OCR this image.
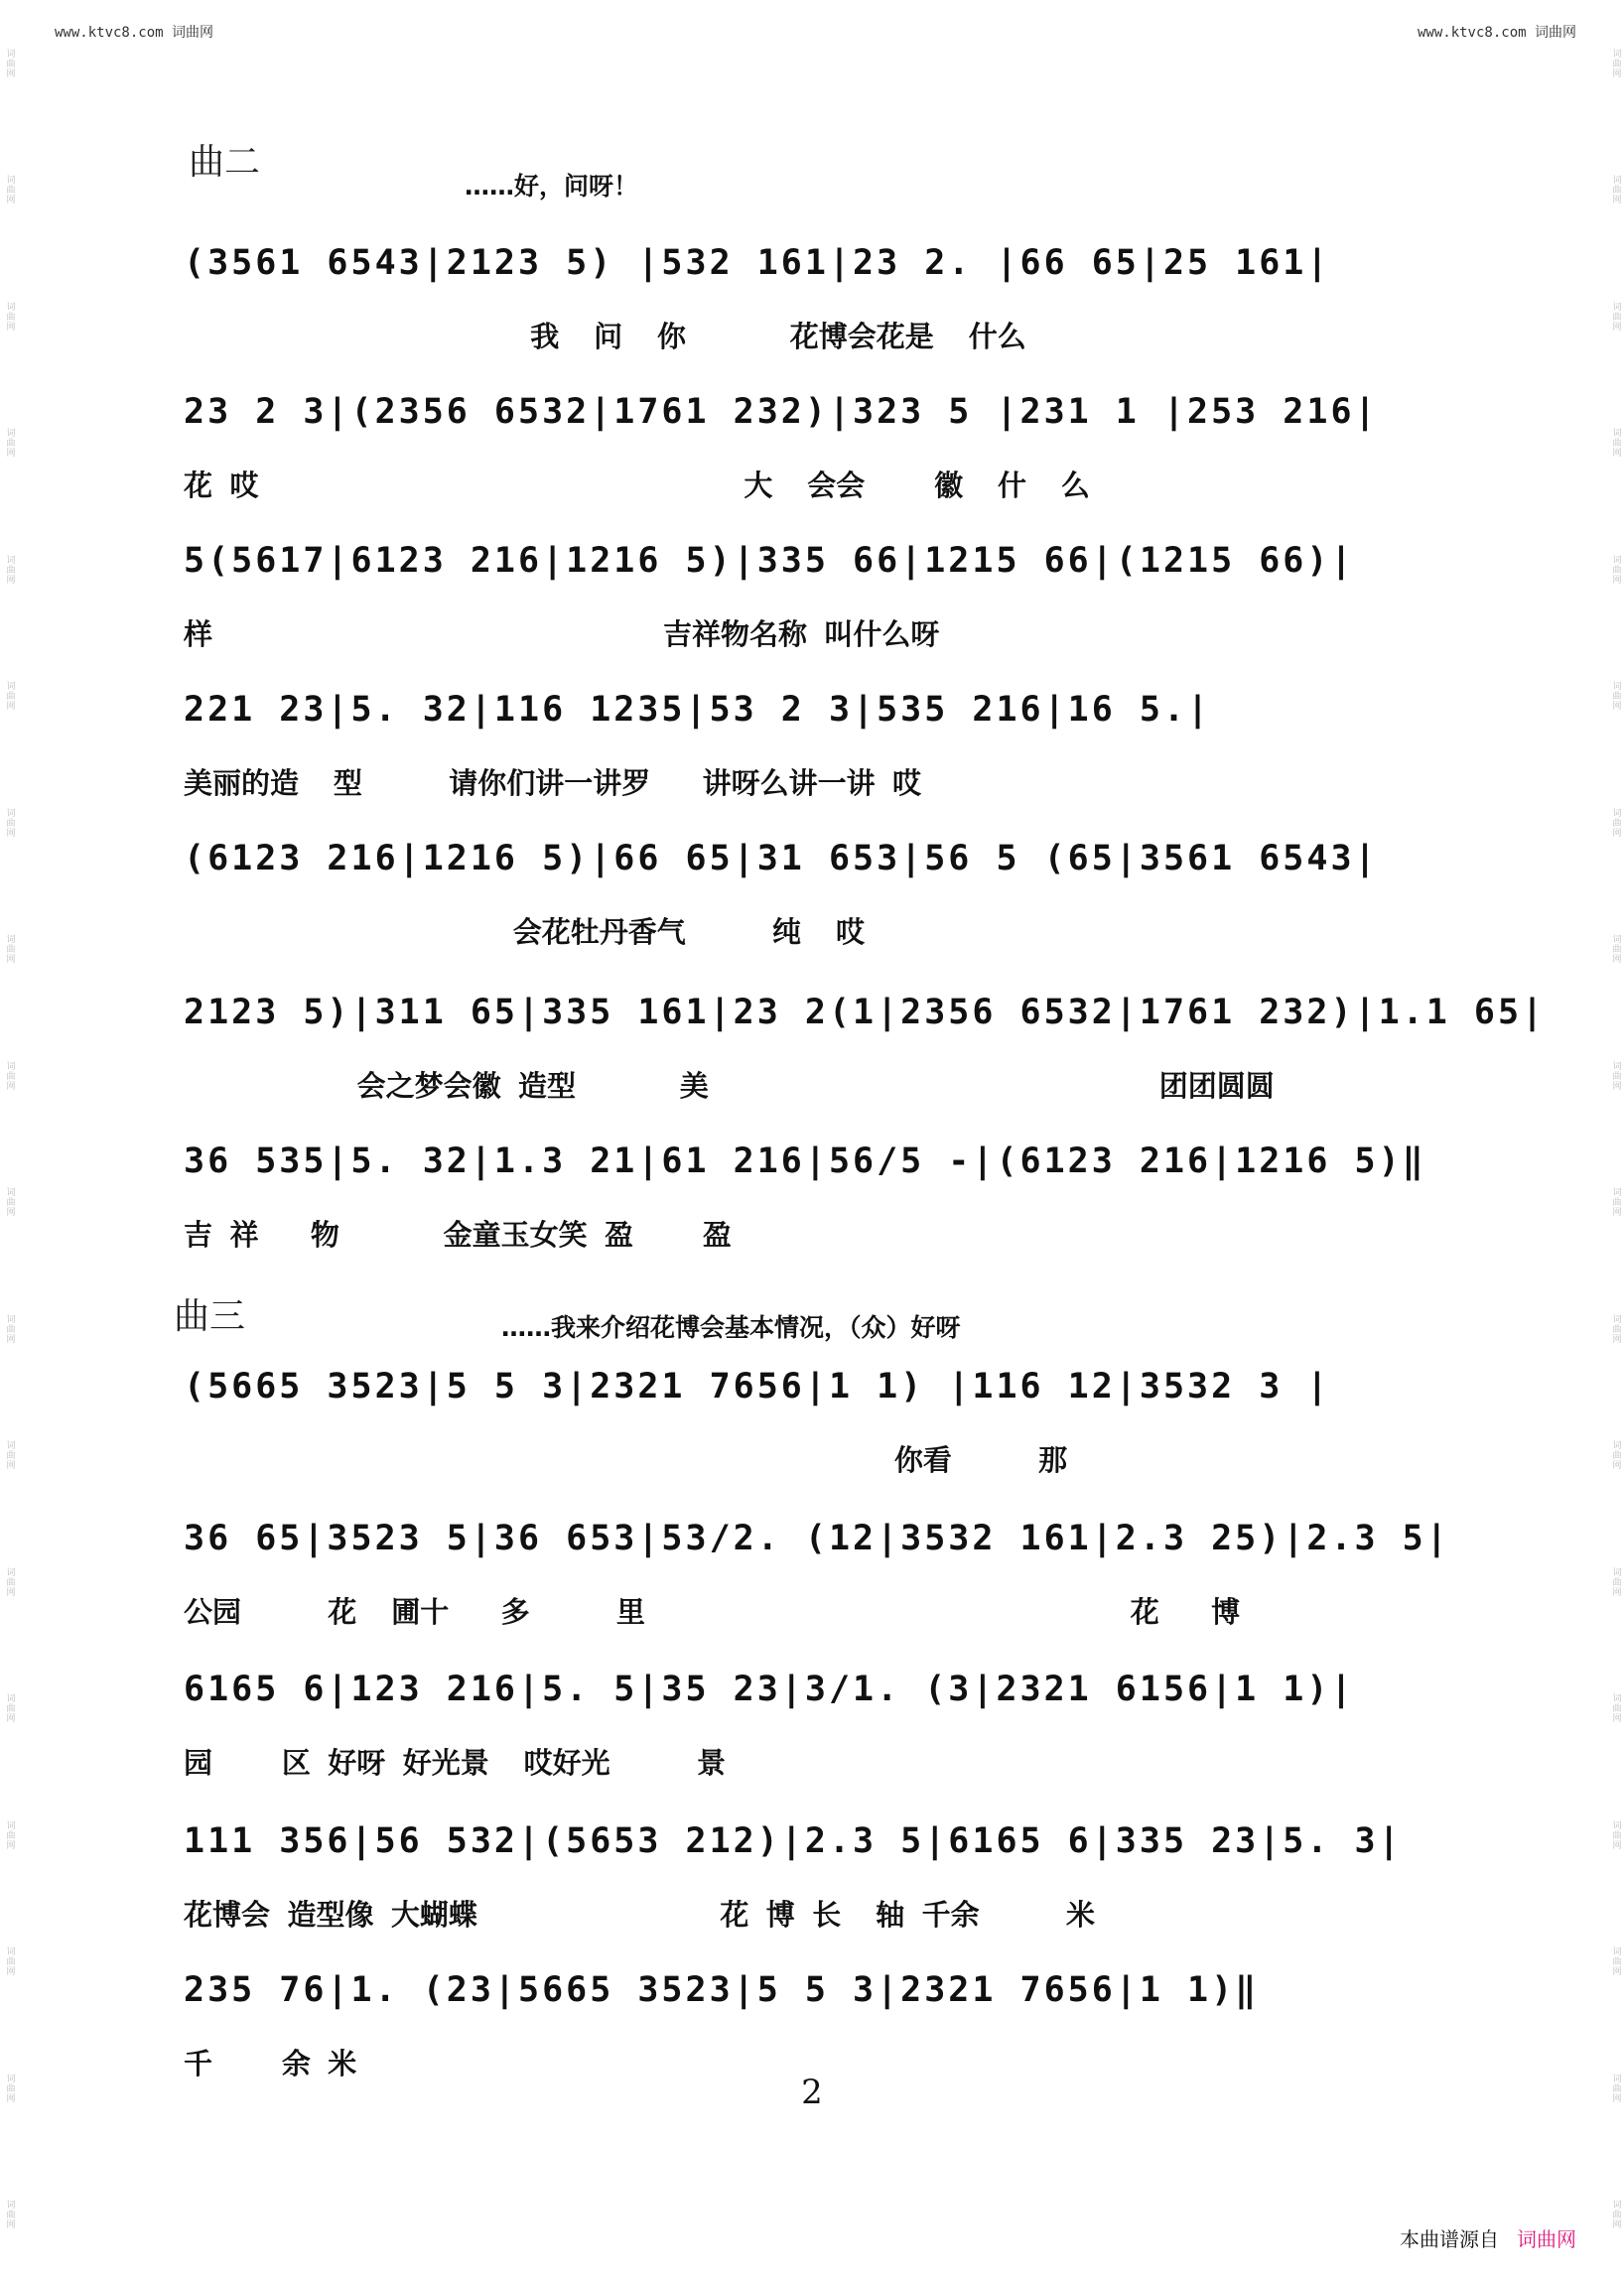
词曲网
词曲网
词曲网
词曲网
词曲网
词曲网
词曲网
词曲网
词曲网
词曲网
词曲网
词曲网
词曲网
词曲网
词曲网
词曲网
词曲网
词曲网
词曲网
词曲网
词曲网
词曲网
词曲网
词曲网
词曲网
词曲网
词曲网
词曲网
词曲网
词曲网
词曲网
词曲网
词曲网
词曲网
词曲网
词曲网
www.ktvc8.com 词曲网	www.ktvc8.com 词曲网
曲二
……好，问呀！
(3561 6543|2123 5) |532 161|23 2. |66 65|25 161|
我  问  你      花博会花是  什么
23 2 3|(2356 6532|1761 232)|323 5 |231 1 |253 216|
花 哎                            大  会会    徽  什  么
5(5617|6123 216|1216 5)|335 66|1215 66|(1215 66)|
样                          吉祥物名称 叫什么呀
221 23|5. 32|116 1235|53 2 3|535 216|16 5.|
美丽的造  型     请你们讲一讲罗   讲呀么讲一讲 哎
(6123 216|1216 5)|66 65|31 653|56 5 (65|3561 6543|
会花牡丹香气     纯  哎
2123 5)|311 65|335 161|23 2(1|2356 6532|1761 232)|1.1 65|
会之梦会徽 造型      美                          团团圆圆
36 535|5. 32|1.3 21|61 216|56/5 -|(6123 216|1216 5)‖
吉 祥   物      金童玉女笑 盈    盈
曲三	……我来介绍花博会基本情况，（众）好呀
(5665 3523|5 5 3|2321 7656|1 1) |116 12|3532 3 |
你看     那
36 65|3523 5|36 653|53/2. (12|3532 161|2.3 25)|2.3 5|
公园     花  圃十   多     里                            花   博
6165 6|123 216|5. 5|35 23|3/1. (3|2321 6156|1 1)|
园    区 好呀 好光景  哎好光     景
111 356|56 532|(5653 212)|2.3 5|6165 6|335 23|5. 3|
花博会 造型像 大蝴蝶              花 博 长  轴 千余     米
235 76|1. (23|5665 3523|5 5 3|2321 7656|1 1)‖
千    余 米
2
本曲谱源自 词曲网
